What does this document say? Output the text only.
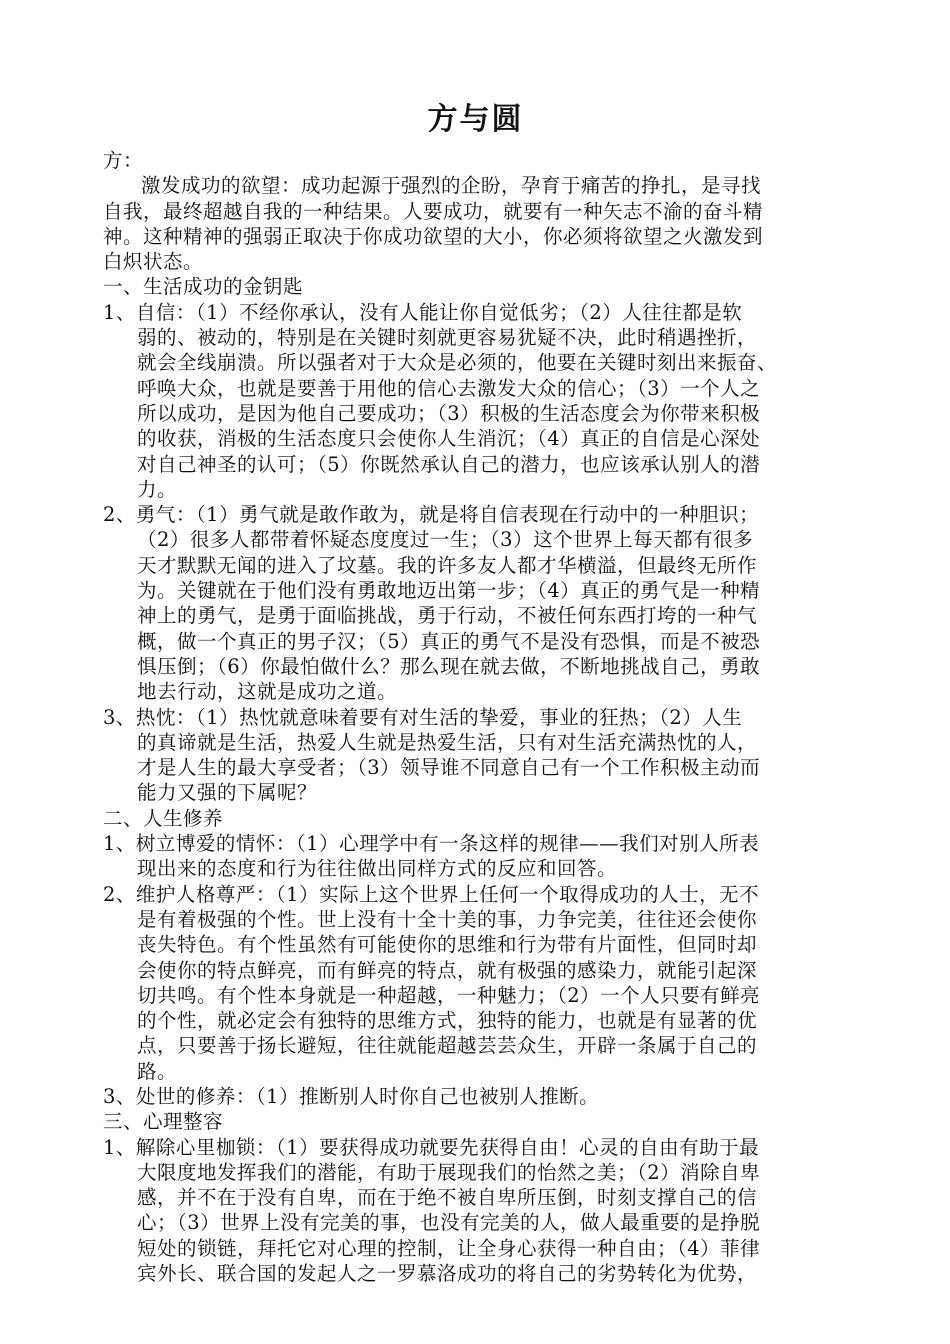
方与圆
方：
激发成功的欲望：成功起源于强烈的企盼，孕育于痛苦的挣扎，是寻找
自我，最终超越自我的一种结果。人要成功，就要有一种矢志不渝的奋斗精
神。这种精神的强弱正取决于你成功欲望的大小，你必须将欲望之火激发到
白炽状态。
一、生活成功的金钥匙
1、自信：（1）不经你承认，没有人能让你自觉低劣；（2）人往往都是软
弱的、被动的，特别是在关键时刻就更容易犹疑不决，此时稍遇挫折，
就会全线崩溃。所以强者对于大众是必须的，他要在关键时刻出来振奋、
呼唤大众，也就是要善于用他的信心去激发大众的信心；（3）一个人之
所以成功，是因为他自己要成功；（3）积极的生活态度会为你带来积极
的收获，消极的生活态度只会使你人生消沉；（4）真正的自信是心深处
对自己神圣的认可；（5）你既然承认自己的潜力，也应该承认别人的潜
力。
2、勇气：（1）勇气就是敢作敢为，就是将自信表现在行动中的一种胆识；
（2）很多人都带着怀疑态度度过一生；（3）这个世界上每天都有很多
天才默默无闻的进入了坟墓。我的许多友人都才华横溢，但最终无所作
为。关键就在于他们没有勇敢地迈出第一步；（4）真正的勇气是一种精
神上的勇气，是勇于面临挑战，勇于行动，不被任何东西打垮的一种气
概，做一个真正的男子汉；（5）真正的勇气不是没有恐惧，而是不被恐
惧压倒；（6）你最怕做什么？那么现在就去做，不断地挑战自己，勇敢
地去行动，这就是成功之道。
3、热忱：（1）热忱就意味着要有对生活的挚爱，事业的狂热；（2）人生
的真谛就是生活，热爱人生就是热爱生活，只有对生活充满热忱的人，
才是人生的最大享受者；（3）领导谁不同意自己有一个工作积极主动而
能力又强的下属呢？
二、人生修养
1、树立博爱的情怀：（1）心理学中有一条这样的规律——我们对别人所表
现出来的态度和行为往往做出同样方式的反应和回答。
2、维护人格尊严：（1）实际上这个世界上任何一个取得成功的人士，无不
是有着极强的个性。世上没有十全十美的事，力争完美，往往还会使你
丧失特色。有个性虽然有可能使你的思维和行为带有片面性，但同时却
会使你的特点鲜亮，而有鲜亮的特点，就有极强的感染力，就能引起深
切共鸣。有个性本身就是一种超越，一种魅力；（2）一个人只要有鲜亮
的个性，就必定会有独特的思维方式，独特的能力，也就是有显著的优
点，只要善于扬长避短，往往就能超越芸芸众生，开辟一条属于自己的
路。
3、处世的修养：（1）推断别人时你自己也被别人推断。
三、心理整容
1、解除心里枷锁：（1）要获得成功就要先获得自由！心灵的自由有助于最
大限度地发挥我们的潜能，有助于展现我们的怡然之美；（2）消除自卑
感，并不在于没有自卑，而在于绝不被自卑所压倒，时刻支撑自己的信
心；（3）世界上没有完美的事，也没有完美的人，做人最重要的是挣脱
短处的锁链，拜托它对心理的控制，让全身心获得一种自由；（4）菲律
宾外长、联合国的发起人之一罗慕洛成功的将自己的劣势转化为优势，
